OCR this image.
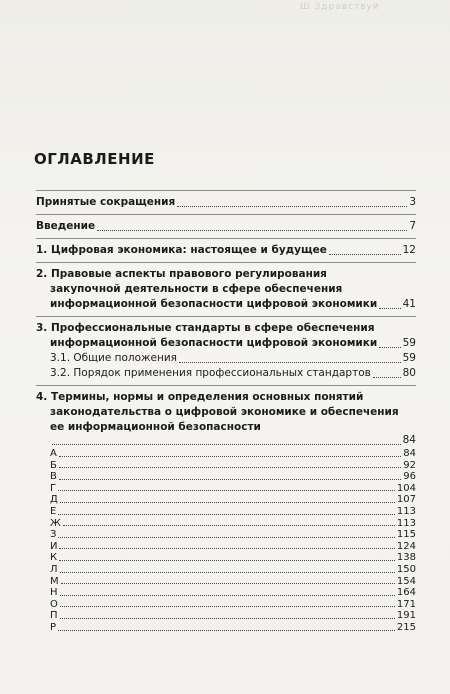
Ш Здравствуй
ОГЛАВЛЕНИЕ
Принятые сокращения	3
Введение	7
1. Цифровая экономика: настоящее и будущее	12
2. Правовые аспекты правового регулирования
закупочной деятельности в сфере обеспечения
информационной безопасности цифровой экономики 41
3. Профессиональные стандарты в сфере обеспечения
информационной безопасности цифровой экономики 59
3.1. Общие положения	59
3.2. Порядок применения профессиональных стандартов	80
4. Термины, нормы и определения основных понятий
законодательства о цифровой экономике и обеспечения
ее информационной безопасности
84
А	84
Б	92
В	96
Г	104
Д	107
Е	113
Ж	113
З	115
И	124
К	138
Л	150
М	154
Н	164
О	171
П	191
Р	215
